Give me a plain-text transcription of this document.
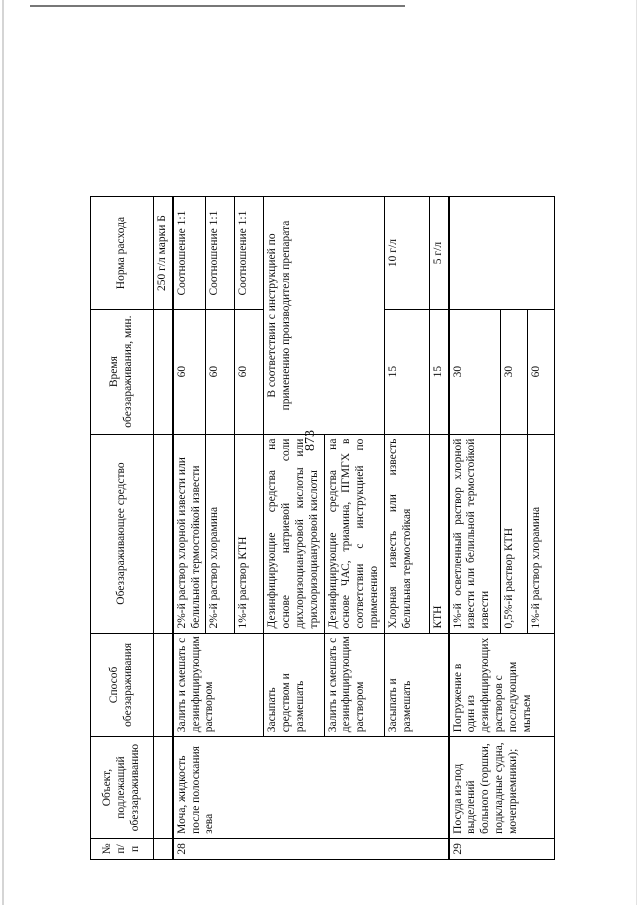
873
№ п/п	Объект, подлежащий обеззараживанию	Способ обеззараживания	Обеззараживающее средство	Время обеззараживания, мин.	Норма расхода
					250 г/л марки Б
28	Моча, жидкость после полоскания зева	Залить и смешать с дезинфицирующим раствором	2%-й раствор хлорной извести или белильной термостойкой извести	60	Соотношение 1:1
			2%-й раствор хлорамина	60	Соотношение 1:1
			1%-й раствор КТН	60	Соотношение 1:1
		Засыпать средством и размешать	Дезинфицирующие средства на основе натриевой соли дихлоризоциануровой кислоты или трихлоризоциануровой кислоты	В соответствии с инструкцией по применению производителя препарата	
		Залить и смешать с дезинфицирующим раствором	Дезинфицирующие средства на основе ЧАС, триамина, ПГМГХ в соответствии с инструкцией по применению		
		Засыпать и размешать	Хлорная известь или известь белильная термостойкая	15	10 г/л
			КТН	15	5 г/л
29	Посуда из-под выделений больного (горшки, подкладные судна, мочеприемники);	Погружение в один из дезинфицирующих растворов с последующим мытьем	1%-й осветленный раствор хлорной извести или белильной термостойкой извести	30	
			0,5%-й раствор КТН	30	
			1%-й раствор хлорамина	60	
